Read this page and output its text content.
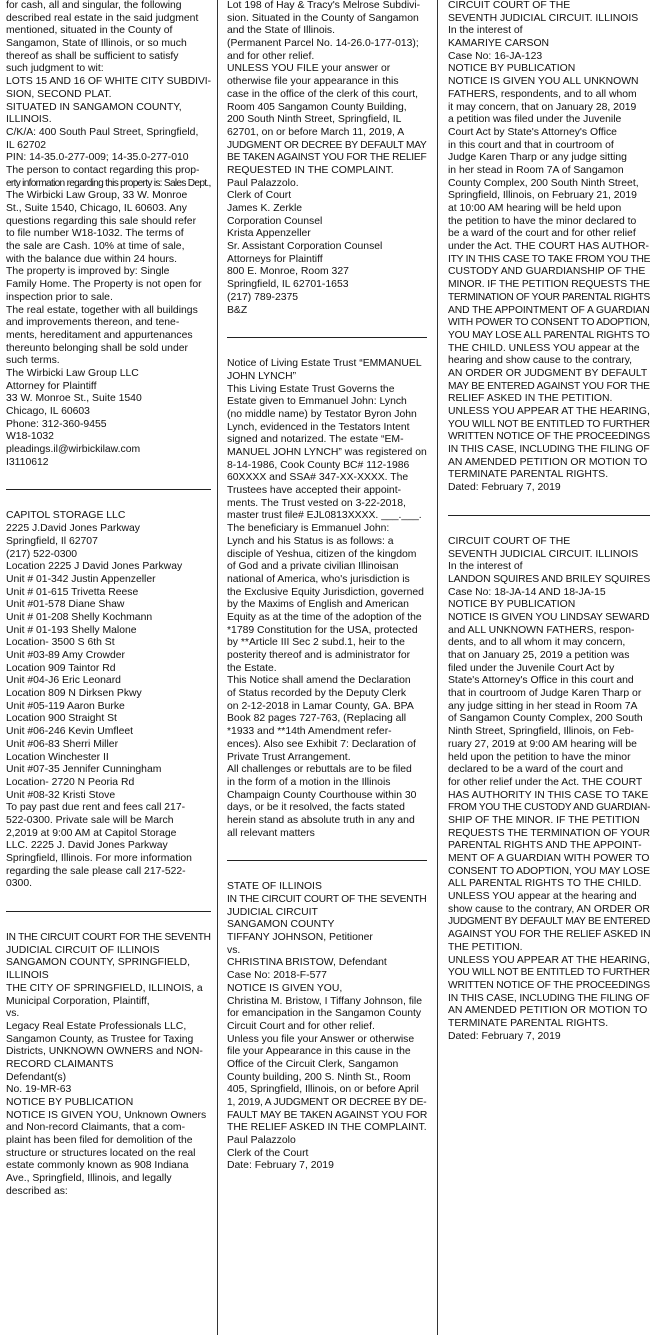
for cash, all and singular, the following
described real estate in the said judgment
mentioned, situated in the County of
Sangamon, State of Illinois, or so much
thereof as shall be sufficient to satisfy
such judgment to wit:
LOTS 15 AND 16 OF WHITE CITY SUBDIVI-
SION, SECOND PLAT.
SITUATED IN SANGAMON COUNTY,
ILLINOIS.
C/K/A: 400 South Paul Street, Springfield,
IL 62702
PIN: 14-35.0-277-009; 14-35.0-277-010
The person to contact regarding this prop-
erty information regarding this property is: Sales Dept.,
The Wirbicki Law Group, 33 W. Monroe
St., Suite 1540, Chicago, IL 60603. Any
questions regarding this sale should refer
to file number W18-1032. The terms of
the sale are Cash. 10% at time of sale,
with the balance due within 24 hours.
The property is improved by: Single
Family Home. The Property is not open for
inspection prior to sale.
The real estate, together with all buildings
and improvements thereon, and tene-
ments, hereditament and appurtenances
thereunto belonging shall be sold under
such terms.
The Wirbicki Law Group LLC
Attorney for Plaintiff
33 W. Monroe St., Suite 1540
Chicago, IL 60603
Phone: 312-360-9455
W18-1032
pleadings.il@wirbickilaw.com
I3110612
CAPITOL STORAGE LLC
2225 J.David Jones Parkway
Springfield, Il 62707
(217) 522-0300
Location 2225 J David Jones Parkway
Unit # 01-342 Justin Appenzeller
Unit # 01-615 Trivetta Reese
Unit #01-578 Diane Shaw
Unit # 01-208 Shelly Kochmann
Unit # 01-193 Shelly Malone
Location- 3500 S 6th St
Unit #03-89 Amy Crowder
Location 909 Taintor Rd
Unit #04-J6 Eric Leonard
Location 809 N Dirksen Pkwy
Unit #05-119 Aaron Burke
Location 900 Straight St
Unit #06-246 Kevin Umfleet
Unit #06-83 Sherri Miller
Location Winchester II
Unit #07-35 Jennifer Cunningham
Location- 2720 N Peoria Rd
Unit #08-32 Kristi Stove
To pay past due rent and fees call 217-
522-0300. Private sale will be March
2,2019 at 9:00 AM at Capitol Storage
LLC. 2225 J. David Jones Parkway
Springfield, Illinois. For more information
regarding the sale please call 217-522-
0300.
IN THE CIRCUIT COURT FOR THE SEVENTH
JUDICIAL CIRCUIT OF ILLINOIS
SANGAMON COUNTY, SPRINGFIELD,
ILLINOIS
THE CITY OF SPRINGFIELD, ILLINOIS, a
Municipal Corporation, Plaintiff,
vs.
Legacy Real Estate Professionals LLC,
Sangamon County, as Trustee for Taxing
Districts, UNKNOWN OWNERS and NON-
RECORD CLAIMANTS
Defendant(s)
No. 19-MR-63
NOTICE BY PUBLICATION
NOTICE IS GIVEN YOU, Unknown Owners
and Non-record Claimants, that a com-
plaint has been filed for demolition of the
structure or structures located on the real
estate commonly known as 908 Indiana
Ave., Springfield, Illinois, and legally
described as:
Lot 198 of Hay & Tracy's Melrose Subdivi-
sion. Situated in the County of Sangamon
and the State of Illinois.
(Permanent Parcel No. 14-26.0-177-013);
and for other relief.
UNLESS YOU FILE your answer or
otherwise file your appearance in this
case in the office of the clerk of this court,
Room 405 Sangamon County Building,
200 South Ninth Street, Springfield, IL
62701, on or before March 11, 2019, A
JUDGMENT OR DECREE BY DEFAULT MAY
BE TAKEN AGAINST YOU FOR THE RELIEF
REQUESTED IN THE COMPLAINT.
Paul Palazzolo.
Clerk of Court
James K. Zerkle
Corporation Counsel
Krista Appenzeller
Sr. Assistant Corporation Counsel
Attorneys for Plaintiff
800 E. Monroe, Room 327
Springfield, IL 62701-1653
(217) 789-2375
B&Z
Notice of Living Estate Trust “EMMANUEL
JOHN LYNCH”
This Living Estate Trust Governs the
Estate given to Emmanuel John: Lynch
(no middle name) by Testator Byron John
Lynch, evidenced in the Testators Intent
signed and notarized. The estate “EM-
MANUEL JOHN LYNCH” was registered on
8-14-1986, Cook County BC# 112-1986
60XXXX and SSA# 347-XX-XXXX. The
Trustees have accepted their appoint-
ments. The Trust vested on 3-22-2018,
master trust file# EJL0813XXXX. ___.___.
The beneficiary is Emmanuel John:
Lynch and his Status is as follows: a
disciple of Yeshua, citizen of the kingdom
of God and a private civilian Illinoisan
national of America, who's jurisdiction is
the Exclusive Equity Jurisdiction, governed
by the Maxims of English and American
Equity as at the time of the adoption of the
*1789 Constitution for the USA, protected
by **Article III Sec 2 subd.1, heir to the
posterity thereof and is administrator for
the Estate.
This Notice shall amend the Declaration
of Status recorded by the Deputy Clerk
on 2-12-2018 in Lamar County, GA. BPA
Book 82 pages 727-763, (Replacing all
*1933 and **14th Amendment refer-
ences). Also see Exhibit 7: Declaration of
Private Trust Arrangement.
All challenges or rebuttals are to be filed
in the form of a motion in the Illinois
Champaign County Courthouse within 30
days, or be it resolved, the facts stated
herein stand as absolute truth in any and
all relevant matters
STATE OF ILLINOIS
IN THE CIRCUIT COURT OF THE SEVENTH
JUDICIAL CIRCUIT
SANGAMON COUNTY
TIFFANY JOHNSON, Petitioner
vs.
CHRISTINA BRISTOW, Defendant
Case No: 2018-F-577
NOTICE IS GIVEN YOU,
Christina M. Bristow, I Tiffany Johnson, file
for emancipation in the Sangamon County
Circuit Court and for other relief.
Unless you file your Answer or otherwise
file your Appearance in this cause in the
Office of the Circuit Clerk, Sangamon
County building, 200 S. Ninth St., Room
405, Springfield, Illinois, on or before April
1, 2019, A JUDGMENT OR DECREE BY DE-
FAULT MAY BE TAKEN AGAINST YOU FOR
THE RELIEF ASKED IN THE COMPLAINT.
Paul Palazzolo
Clerk of the Court
Date: February 7, 2019
CIRCUIT COURT OF THE
SEVENTH JUDICIAL CIRCUIT. ILLINOIS
In the interest of
KAMARIYE CARSON
Case No: 16-JA-123
NOTICE BY PUBLICATION
NOTICE IS GIVEN YOU ALL UNKNOWN
FATHERS, respondents, and to all whom
it may concern, that on January 28, 2019
a petition was filed under the Juvenile
Court Act by State's Attorney's Office
in this court and that in courtroom of
Judge Karen Tharp or any judge sitting
in her stead in Room 7A of Sangamon
County Complex, 200 South Ninth Street,
Springfield, Illinois, on February 21, 2019
at 10:00 AM hearing will be held upon
the petition to have the minor declared to
be a ward of the court and for other relief
under the Act. THE COURT HAS AUTHOR-
ITY IN THIS CASE TO TAKE FROM YOU THE
CUSTODY AND GUARDIANSHIP OF THE
MINOR. IF THE PETITION REQUESTS THE
TERMINATION OF YOUR PARENTAL RIGHTS
AND THE APPOINTMENT OF A GUARDIAN
WITH POWER TO CONSENT TO ADOPTION,
YOU MAY LOSE ALL PARENTAL RIGHTS TO
THE CHILD. UNLESS YOU appear at the
hearing and show cause to the contrary,
AN ORDER OR JUDGMENT BY DEFAULT
MAY BE ENTERED AGAINST YOU FOR THE
RELIEF ASKED IN THE PETITION.
UNLESS YOU APPEAR AT THE HEARING,
YOU WILL NOT BE ENTITLED TO FURTHER
WRITTEN NOTICE OF THE PROCEEDINGS
IN THIS CASE, INCLUDING THE FILING OF
AN AMENDED PETITION OR MOTION TO
TERMINATE PARENTAL RIGHTS.
Dated: February 7, 2019
CIRCUIT COURT OF THE
SEVENTH JUDICIAL CIRCUIT. ILLINOIS
In the interest of
LANDON SQUIRES AND BRILEY SQUIRES
Case No: 18-JA-14 AND 18-JA-15
NOTICE BY PUBLICATION
NOTICE IS GIVEN YOU LINDSAY SEWARD
and ALL UNKNOWN FATHERS, respon-
dents, and to all whom it may concern,
that on January 25, 2019 a petition was
filed under the Juvenile Court Act by
State's Attorney's Office in this court and
that in courtroom of Judge Karen Tharp or
any judge sitting in her stead in Room 7A
of Sangamon County Complex, 200 South
Ninth Street, Springfield, Illinois, on Feb-
ruary 27, 2019 at 9:00 AM hearing will be
held upon the petition to have the minor
declared to be a ward of the court and
for other relief under the Act. THE COURT
HAS AUTHORITY IN THIS CASE TO TAKE
FROM YOU THE CUSTODY AND GUARDIAN-
SHIP OF THE MINOR. IF THE PETITION
REQUESTS THE TERMINATION OF YOUR
PARENTAL RIGHTS AND THE APPOINT-
MENT OF A GUARDIAN WITH POWER TO
CONSENT TO ADOPTION, YOU MAY LOSE
ALL PARENTAL RIGHTS TO THE CHILD.
UNLESS YOU appear at the hearing and
show cause to the contrary, AN ORDER OR
JUDGMENT BY DEFAULT MAY BE ENTERED
AGAINST YOU FOR THE RELIEF ASKED IN
THE PETITION.
UNLESS YOU APPEAR AT THE HEARING,
YOU WILL NOT BE ENTITLED TO FURTHER
WRITTEN NOTICE OF THE PROCEEDINGS
IN THIS CASE, INCLUDING THE FILING OF
AN AMENDED PETITION OR MOTION TO
TERMINATE PARENTAL RIGHTS.
Dated: February 7, 2019
